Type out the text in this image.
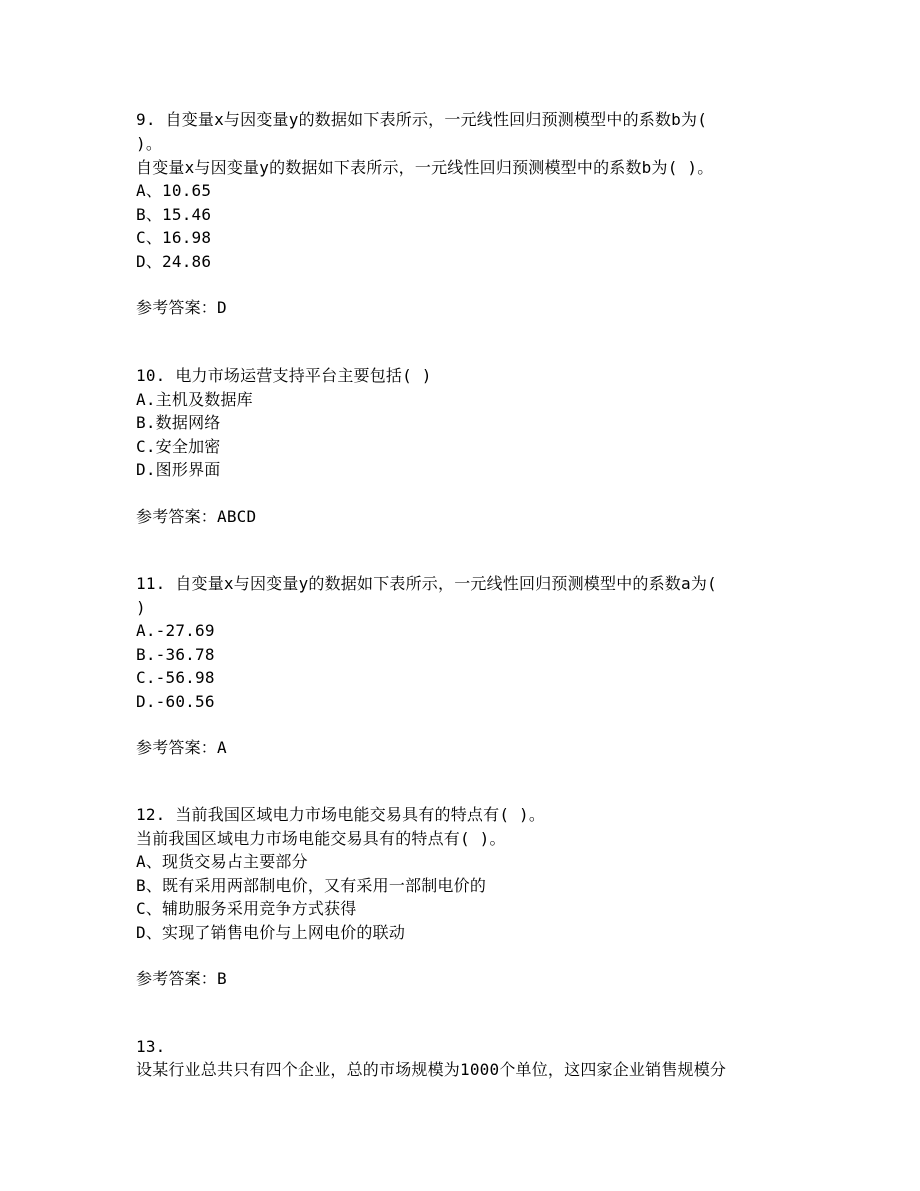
9. 自变量x与因变量y的数据如下表所示，一元线性回归预测模型中的系数b为(

)。

自变量x与因变量y的数据如下表所示，一元线性回归预测模型中的系数b为( )。

A、10.65

B、15.46

C、16.98

D、24.86

参考答案：D

10. 电力市场运营支持平台主要包括( )

A.主机及数据库

B.数据网络

C.安全加密

D.图形界面

参考答案：ABCD

11. 自变量x与因变量y的数据如下表所示，一元线性回归预测模型中的系数a为(

)

A.-27.69

B.-36.78

C.-56.98

D.-60.56

参考答案：A

12. 当前我国区域电力市场电能交易具有的特点有( )。

当前我国区域电力市场电能交易具有的特点有( )。

A、现货交易占主要部分

B、既有采用两部制电价，又有采用一部制电价的

C、辅助服务采用竞争方式获得

D、实现了销售电价与上网电价的联动

参考答案：B

13.

设某行业总共只有四个企业，总的市场规模为1000个单位，这四家企业销售规模分
